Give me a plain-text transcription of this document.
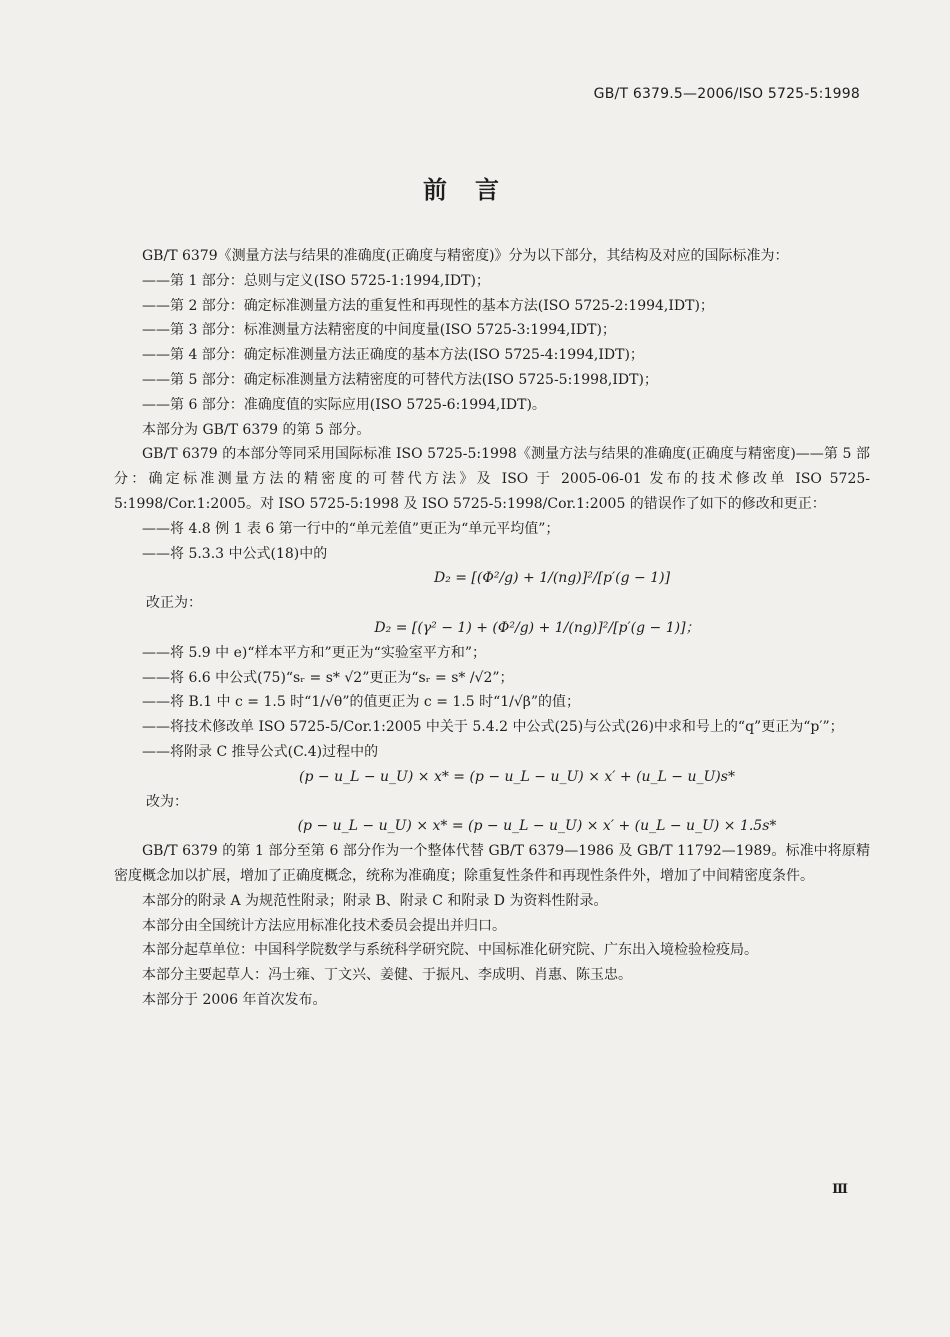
GB/T 6379.5—2006/ISO 5725-5:1998
前言

GB/T 6379《测量方法与结果的准确度(正确度与精密度)》分为以下部分，其结构及对应的国际标准为：

——第 1 部分：总则与定义(ISO 5725-1:1994,IDT)；

——第 2 部分：确定标准测量方法的重复性和再现性的基本方法(ISO 5725-2:1994,IDT)；

——第 3 部分：标准测量方法精密度的中间度量(ISO 5725-3:1994,IDT)；

——第 4 部分：确定标准测量方法正确度的基本方法(ISO 5725-4:1994,IDT)；

——第 5 部分：确定标准测量方法精密度的可替代方法(ISO 5725-5:1998,IDT)；

——第 6 部分：准确度值的实际应用(ISO 5725-6:1994,IDT)。

本部分为 GB/T 6379 的第 5 部分。

GB/T 6379 的本部分等同采用国际标准 ISO 5725-5:1998《测量方法与结果的准确度(正确度与精密度)——第 5 部分：确定标准测量方法的精密度的可替代方法》及 ISO 于 2005-06-01 发布的技术修改单 ISO 5725-5:1998/Cor.1:2005。对 ISO 5725-5:1998 及 ISO 5725-5:1998/Cor.1:2005 的错误作了如下的修改和更正：

——将 4.8 例 1 表 6 第一行中的“单元差值”更正为“单元平均值”；

——将 5.3.3 中公式(18)中的

D₂ = [(Φ²/g) + 1/(ng)]²/[p′(g − 1)]

改正为：

D₂ = [(γ² − 1) + (Φ²/g) + 1/(ng)]²/[p′(g − 1)]；

——将 5.9 中 e)“样本平方和”更正为“实验室平方和”；

——将 6.6 中公式(75)“sᵣ = s* √2”更正为“sᵣ = s* /√2”；

——将 B.1 中 c = 1.5 时“1/√θ”的值更正为 c = 1.5 时“1/√β”的值；

——将技术修改单 ISO 5725-5/Cor.1:2005 中关于 5.4.2 中公式(25)与公式(26)中求和号上的“q”更正为“p′”；

——将附录 C 推导公式(C.4)过程中的

(p − u_L − u_U) × x* = (p − u_L − u_U) × x′ + (u_L − u_U)s*

改为：

(p − u_L − u_U) × x* = (p − u_L − u_U) × x′ + (u_L − u_U) × 1.5s*

GB/T 6379 的第 1 部分至第 6 部分作为一个整体代替 GB/T 6379—1986 及 GB/T 11792—1989。标准中将原精密度概念加以扩展，增加了正确度概念，统称为准确度；除重复性条件和再现性条件外，增加了中间精密度条件。

本部分的附录 A 为规范性附录；附录 B、附录 C 和附录 D 为资料性附录。

本部分由全国统计方法应用标准化技术委员会提出并归口。

本部分起草单位：中国科学院数学与系统科学研究院、中国标准化研究院、广东出入境检验检疫局。

本部分主要起草人：冯士雍、丁文兴、姜健、于振凡、李成明、肖惠、陈玉忠。

本部分于 2006 年首次发布。

Ⅲ
